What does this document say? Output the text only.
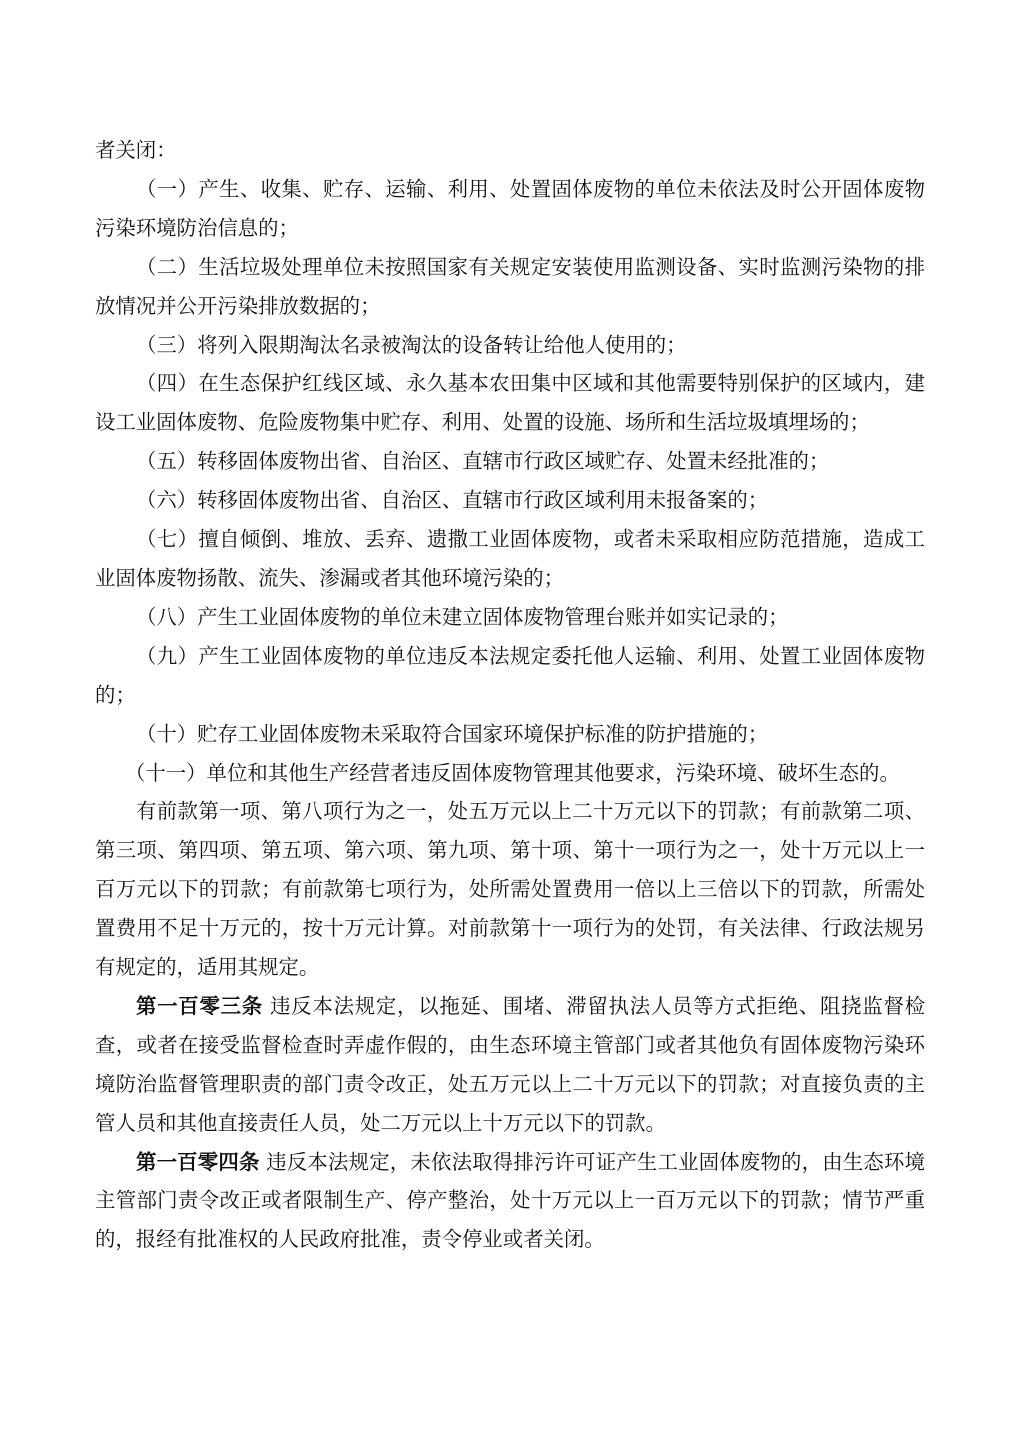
者关闭：

（一）产生、收集、贮存、运输、利用、处置固体废物的单位未依法及时公开固体废物污染环境防治信息的；

（二）生活垃圾处理单位未按照国家有关规定安装使用监测设备、实时监测污染物的排放情况并公开污染排放数据的；

（三）将列入限期淘汰名录被淘汰的设备转让给他人使用的；

（四）在生态保护红线区域、永久基本农田集中区域和其他需要特别保护的区域内，建设工业固体废物、危险废物集中贮存、利用、处置的设施、场所和生活垃圾填埋场的；

（五）转移固体废物出省、自治区、直辖市行政区域贮存、处置未经批准的；

（六）转移固体废物出省、自治区、直辖市行政区域利用未报备案的；

（七）擅自倾倒、堆放、丢弃、遗撒工业固体废物，或者未采取相应防范措施，造成工业固体废物扬散、流失、渗漏或者其他环境污染的；

（八）产生工业固体废物的单位未建立固体废物管理台账并如实记录的；

（九）产生工业固体废物的单位违反本法规定委托他人运输、利用、处置工业固体废物的；

（十）贮存工业固体废物未采取符合国家环境保护标准的防护措施的；

（十一）单位和其他生产经营者违反固体废物管理其他要求，污染环境、破坏生态的。

有前款第一项、第八项行为之一，处五万元以上二十万元以下的罚款；有前款第二项、第三项、第四项、第五项、第六项、第九项、第十项、第十一项行为之一，处十万元以上一百万元以下的罚款；有前款第七项行为，处所需处置费用一倍以上三倍以下的罚款，所需处置费用不足十万元的，按十万元计算。对前款第十一项行为的处罚，有关法律、行政法规另有规定的，适用其规定。

第一百零三条 违反本法规定，以拖延、围堵、滞留执法人员等方式拒绝、阻挠监督检查，或者在接受监督检查时弄虚作假的，由生态环境主管部门或者其他负有固体废物污染环境防治监督管理职责的部门责令改正，处五万元以上二十万元以下的罚款；对直接负责的主管人员和其他直接责任人员，处二万元以上十万元以下的罚款。

第一百零四条 违反本法规定，未依法取得排污许可证产生工业固体废物的，由生态环境主管部门责令改正或者限制生产、停产整治，处十万元以上一百万元以下的罚款；情节严重的，报经有批准权的人民政府批准，责令停业或者关闭。
